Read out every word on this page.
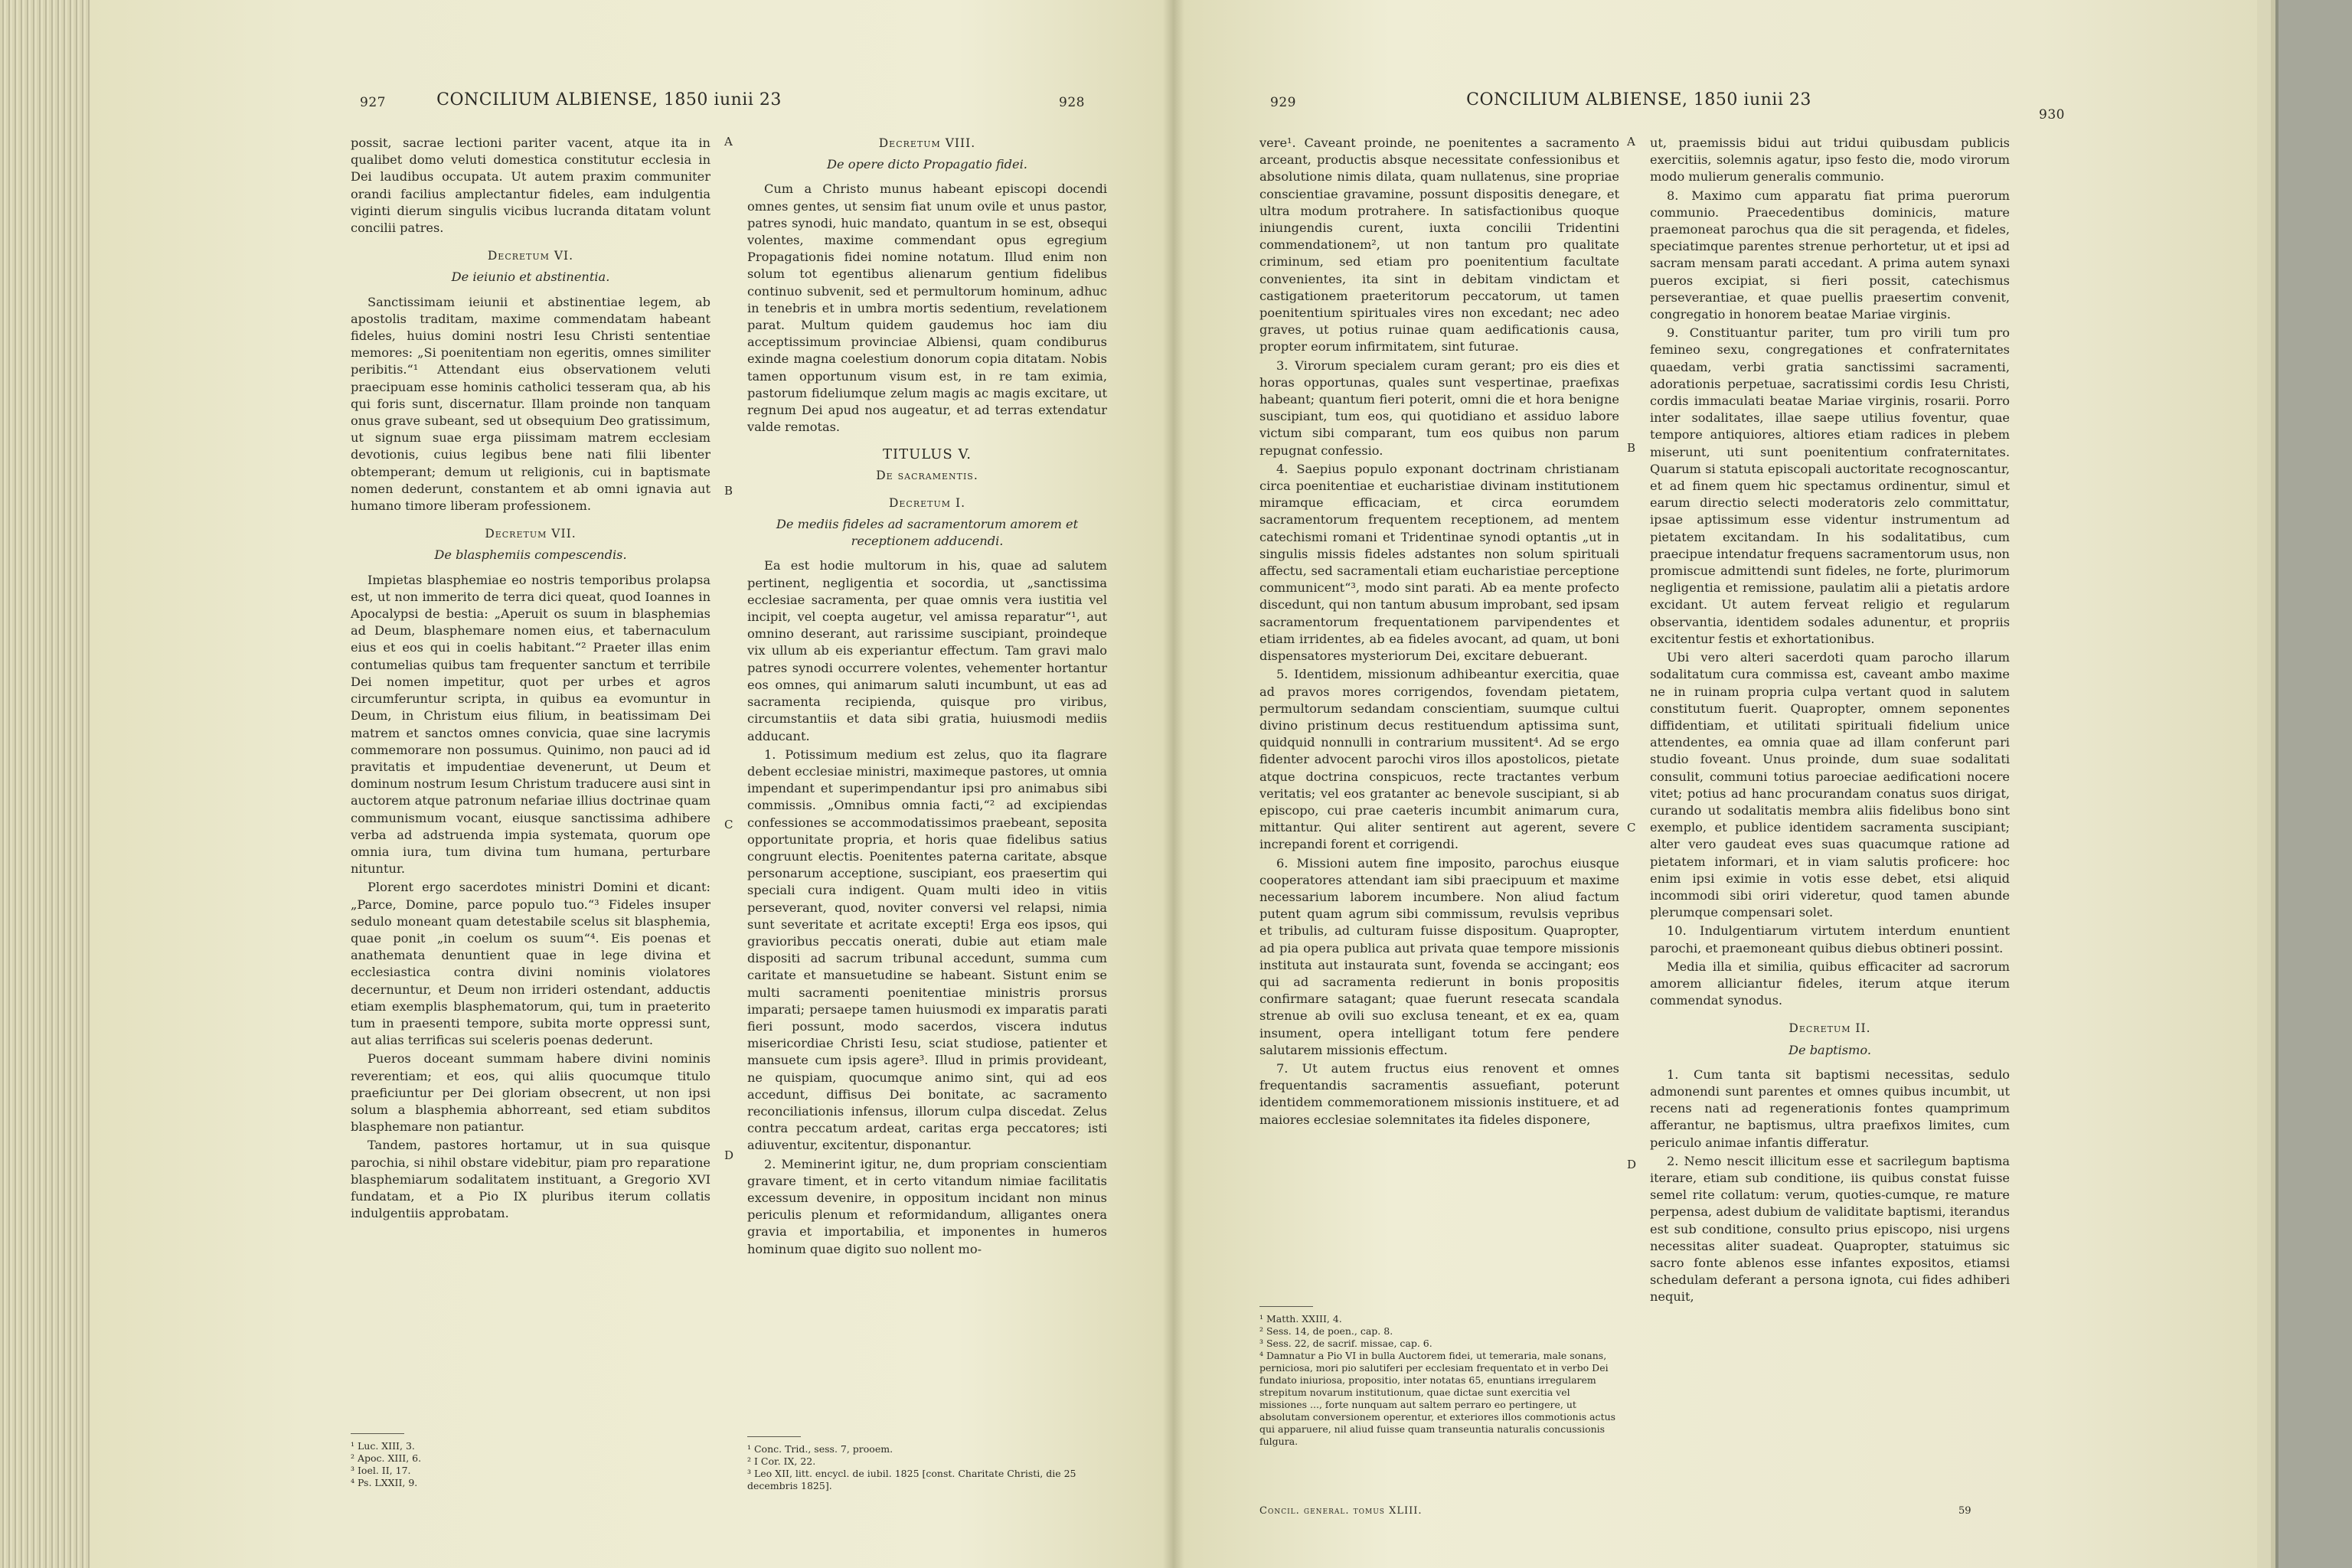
927	CONCILIUM ALBIENSE, 1850 iunii 23	928

possit, sacrae lectioni pariter vacent, atque ita in qualibet domo veluti domestica constitutur ecclesia in Dei laudibus occupata. Ut autem praxim communiter orandi facilius amplectantur fideles, eam indulgentia viginti dierum singulis vicibus lucranda ditatam volunt concilii patres.

Decretum VI.
De ieiunio et abstinentia.

Sanctissimam ieiunii et abstinentiae legem, ab apostolis traditam, maxime commendatam habeant fideles, huius domini nostri Iesu Christi sententiae memores: „Si poenitentiam non egeritis, omnes similiter peribitis.“¹ Attendant eius observationem veluti praecipuam esse hominis catholici tesseram qua, ab his qui foris sunt, discernatur. Illam proinde non tanquam onus grave subeant, sed ut obsequium Deo gratissimum, ut signum suae erga piissimam matrem ecclesiam devotionis, cuius legibus bene nati filii libenter obtemperant; demum ut religionis, cui in baptismate nomen dederunt, constantem et ab omni ignavia aut humano timore liberam professionem.

Decretum VII.
De blasphemiis compescendis.

Impietas blasphemiae eo nostris temporibus prolapsa est, ut non immerito de terra dici queat, quod Ioannes in Apocalypsi de bestia: „Aperuit os suum in blasphemias ad Deum, blasphemare nomen eius, et tabernaculum eius et eos qui in coelis habitant.“² Praeter illas enim contumelias quibus tam frequenter sanctum et terribile Dei nomen impetitur, quot per urbes et agros circumferuntur scripta, in quibus ea evomuntur in Deum, in Christum eius filium, in beatissimam Dei matrem et sanctos omnes convicia, quae sine lacrymis commemorare non possumus. Quinimo, non pauci ad id pravitatis et impudentiae devenerunt, ut Deum et dominum nostrum Iesum Christum traducere ausi sint in auctorem atque patronum nefariae illius doctrinae quam communismum vocant, eiusque sanctissima adhibere verba ad adstruenda impia systemata, quorum ope omnia iura, tum divina tum humana, perturbare nituntur.

Plorent ergo sacerdotes ministri Domini et dicant: „Parce, Domine, parce populo tuo.“³ Fideles insuper sedulo moneant quam detestabile scelus sit blasphemia, quae ponit „in coelum os suum“⁴. Eis poenas et anathemata denuntient quae in lege divina et ecclesiastica contra divini nominis violatores decernuntur, et Deum non irrideri ostendant, adductis etiam exemplis blasphematorum, qui, tum in praeterito tum in praesenti tempore, subita morte oppressi sunt, aut alias terrificas sui sceleris poenas dederunt.

Pueros doceant summam habere divini nominis reverentiam; et eos, qui aliis quocumque titulo praeficiuntur per Dei gloriam obsecrent, ut non ipsi solum a blasphemia abhorreant, sed etiam subditos blasphemare non patiantur.

Tandem, pastores hortamur, ut in sua quisque parochia, si nihil obstare videbitur, piam pro reparatione blasphemiarum sodalitatem instituant, a Gregorio XVI fundatam, et a Pio IX pluribus iterum collatis indulgentiis approbatam.

¹ Luc. XIII, 3.
² Apoc. XIII, 6.
³ Ioel. II, 17.
⁴ Ps. LXXII, 9.
A
B
C
D
Decretum VIII.
De opere dicto Propagatio fidei.

Cum a Christo munus habeant episcopi docendi omnes gentes, ut sensim fiat unum ovile et unus pastor, patres synodi, huic mandato, quantum in se est, obsequi volentes, maxime commendant opus egregium Propagationis fidei nomine notatum. Illud enim non solum tot egentibus alienarum gentium fidelibus continuo subvenit, sed et permultorum hominum, adhuc in tenebris et in umbra mortis sedentium, revelationem parat. Multum quidem gaudemus hoc iam diu acceptissimum provinciae Albiensi, quam condiburus exinde magna coelestium donorum copia ditatam. Nobis tamen opportunum visum est, in re tam eximia, pastorum fideliumque zelum magis ac magis excitare, ut regnum Dei apud nos augeatur, et ad terras extendatur valde remotas.

TITULUS V.
De sacramentis.
Decretum I.
De mediis fideles ad sacramentorum amorem et receptionem adducendi.

Ea est hodie multorum in his, quae ad salutem pertinent, negligentia et socordia, ut „sanctissima ecclesiae sacramenta, per quae omnis vera iustitia vel incipit, vel coepta augetur, vel amissa reparatur“¹, aut omnino deserant, aut rarissime suscipiant, proindeque vix ullum ab eis experiantur effectum. Tam gravi malo patres synodi occurrere volentes, vehementer hortantur eos omnes, qui animarum saluti incumbunt, ut eas ad sacramenta recipienda, quisque pro viribus, circumstantiis et data sibi gratia, huiusmodi mediis adducant.

1. Potissimum medium est zelus, quo ita flagrare debent ecclesiae ministri, maximeque pastores, ut omnia impendant et superimpendantur ipsi pro animabus sibi commissis. „Omnibus omnia facti,“² ad excipiendas confessiones se accommodatissimos praebeant, seposita opportunitate propria, et horis quae fidelibus satius congruunt electis. Poenitentes paterna caritate, absque personarum acceptione, suscipiant, eos praesertim qui speciali cura indigent. Quam multi ideo in vitiis perseverant, quod, noviter conversi vel relapsi, nimia sunt severitate et acritate excepti! Erga eos ipsos, qui gravioribus peccatis onerati, dubie aut etiam male dispositi ad sacrum tribunal accedunt, summa cum caritate et mansuetudine se habeant. Sistunt enim se multi sacramenti poenitentiae ministris prorsus imparati; persaepe tamen huiusmodi ex imparatis parati fieri possunt, modo sacerdos, viscera indutus misericordiae Christi Iesu, sciat studiose, patienter et mansuete cum ipsis agere³. Illud in primis provideant, ne quispiam, quocumque animo sint, qui ad eos accedunt, diffisus Dei bonitate, ac sacramento reconciliationis infensus, illorum culpa discedat. Zelus contra peccatum ardeat, caritas erga peccatores; isti adiuventur, excitentur, disponantur.

2. Meminerint igitur, ne, dum propriam conscientiam gravare timent, et in certo vitandum nimiae facilitatis excessum devenire, in oppositum incidant non minus periculis plenum et reformidandum, alligantes onera gravia et importabilia, et imponentes in humeros hominum quae digito suo nollent mo-

¹ Conc. Trid., sess. 7, prooem.
² I Cor. IX, 22.
³ Leo XII, litt. encycl. de iubil. 1825 [const. Charitate Christi, die 25 decembris 1825].
929	CONCILIUM ALBIENSE, 1850 iunii 23
930

vere¹. Caveant proinde, ne poenitentes a sacramento arceant, productis absque necessitate confessionibus et absolutione nimis dilata, quam nullatenus, sine propriae conscientiae gravamine, possunt dispositis denegare, et ultra modum protrahere. In satisfactionibus quoque iniungendis curent, iuxta concilii Tridentini commendationem², ut non tantum pro qualitate criminum, sed etiam pro poenitentium facultate convenientes, ita sint in debitam vindictam et castigationem praeteritorum peccatorum, ut tamen poenitentium spirituales vires non excedant; nec adeo graves, ut potius ruinae quam aedificationis causa, propter eorum infirmitatem, sint futurae.

3. Virorum specialem curam gerant; pro eis dies et horas opportunas, quales sunt vespertinae, praefixas habeant; quantum fieri poterit, omni die et hora benigne suscipiant, tum eos, qui quotidiano et assiduo labore victum sibi comparant, tum eos quibus non parum repugnat confessio.

4. Saepius populo exponant doctrinam christianam circa poenitentiae et eucharistiae divinam institutionem miramque efficaciam, et circa eorumdem sacramentorum frequentem receptionem, ad mentem catechismi romani et Tridentinae synodi optantis „ut in singulis missis fideles adstantes non solum spirituali affectu, sed sacramentali etiam eucharistiae perceptione communicent“³, modo sint parati. Ab ea mente profecto discedunt, qui non tantum abusum improbant, sed ipsam sacramentorum frequentationem parvipendentes et etiam irridentes, ab ea fideles avocant, ad quam, ut boni dispensatores mysteriorum Dei, excitare debuerant.

5. Identidem, missionum adhibeantur exercitia, quae ad pravos mores corrigendos, fovendam pietatem, permultorum sedandam conscientiam, suumque cultui divino pristinum decus restituendum aptissima sunt, quidquid nonnulli in contrarium mussitent⁴. Ad se ergo fidenter advocent parochi viros illos apostolicos, pietate atque doctrina conspicuos, recte tractantes verbum veritatis; vel eos gratanter ac benevole suscipiant, si ab episcopo, cui prae caeteris incumbit animarum cura, mittantur. Qui aliter sentirent aut agerent, severe increpandi forent et corrigendi.

6. Missioni autem fine imposito, parochus eiusque cooperatores attendant iam sibi praecipuum et maxime necessarium laborem incumbere. Non aliud factum putent quam agrum sibi commissum, revulsis vepribus et tribulis, ad culturam fuisse dispositum. Quapropter, ad pia opera publica aut privata quae tempore missionis instituta aut instaurata sunt, fovenda se accingant; eos qui ad sacramenta redierunt in bonis propositis confirmare satagant; quae fuerunt resecata scandala strenue ab ovili suo exclusa teneant, et ex ea, quam insument, opera intelligant totum fere pendere salutarem missionis effectum.

7. Ut autem fructus eius renovent et omnes frequentandis sacramentis assuefiant, poterunt identidem commemorationem missionis instituere, et ad maiores ecclesiae solemnitates ita fideles disponere,

¹ Matth. XXIII, 4.
² Sess. 14, de poen., cap. 8.
³ Sess. 22, de sacrif. missae, cap. 6.
⁴ Damnatur a Pio VI in bulla Auctorem fidei, ut temeraria, male sonans, perniciosa, mori pio salutiferi per ecclesiam frequentato et in verbo Dei fundato iniuriosa, propositio, inter notatas 65, enuntians irregularem strepitum novarum institutionum, quae dictae sunt exercitia vel missiones ..., forte nunquam aut saltem perraro eo pertingere, ut absolutam conversionem operentur, et exteriores illos commotionis actus qui apparuere, nil aliud fuisse quam transeuntia naturalis concussionis fulgura.
Concil. general. tomus XLIII.
A
B
C
D

ut, praemissis bidui aut tridui quibusdam publicis exercitiis, solemnis agatur, ipso festo die, modo virorum modo mulierum generalis communio.

8. Maximo cum apparatu fiat prima puerorum communio. Praecedentibus dominicis, mature praemoneat parochus qua die sit peragenda, et fideles, speciatimque parentes strenue perhortetur, ut et ipsi ad sacram mensam parati accedant. A prima autem synaxi pueros excipiat, si fieri possit, catechismus perseverantiae, et quae puellis praesertim convenit, congregatio in honorem beatae Mariae virginis.

9. Constituantur pariter, tum pro virili tum pro femineo sexu, congregationes et confraternitates quaedam, verbi gratia sanctissimi sacramenti, adorationis perpetuae, sacratissimi cordis Iesu Christi, cordis immaculati beatae Mariae virginis, rosarii. Porro inter sodalitates, illae saepe utilius foventur, quae tempore antiquiores, altiores etiam radices in plebem miserunt, uti sunt poenitentium confraternitates. Quarum si statuta episcopali auctoritate recognoscantur, et ad finem quem hic spectamus ordinentur, simul et earum directio selecti moderatoris zelo committatur, ipsae aptissimum esse videntur instrumentum ad pietatem excitandam. In his sodalitatibus, cum praecipue intendatur frequens sacramentorum usus, non promiscue admittendi sunt fideles, ne forte, plurimorum negligentia et remissione, paulatim alii a pietatis ardore excidant. Ut autem ferveat religio et regularum observantia, identidem sodales adunentur, et propriis excitentur festis et exhortationibus.

Ubi vero alteri sacerdoti quam parocho illarum sodalitatum cura commissa est, caveant ambo maxime ne in ruinam propria culpa vertant quod in salutem constitutum fuerit. Quapropter, omnem seponentes diffidentiam, et utilitati spirituali fidelium unice attendentes, ea omnia quae ad illam conferunt pari studio foveant. Unus proinde, dum suae sodalitati consulit, communi totius paroeciae aedificationi nocere vitet; potius ad hanc procurandam conatus suos dirigat, curando ut sodalitatis membra aliis fidelibus bono sint exemplo, et publice identidem sacramenta suscipiant; alter vero gaudeat eves suas quacumque ratione ad pietatem informari, et in viam salutis proficere: hoc enim ipsi eximie in votis esse debet, etsi aliquid incommodi sibi oriri videretur, quod tamen abunde plerumque compensari solet.

10. Indulgentiarum virtutem interdum enuntient parochi, et praemoneant quibus diebus obtineri possint.

Media illa et similia, quibus efficaciter ad sacrorum amorem alliciantur fideles, iterum atque iterum commendat synodus.

Decretum II.
De baptismo.

1. Cum tanta sit baptismi necessitas, sedulo admonendi sunt parentes et omnes quibus incumbit, ut recens nati ad regenerationis fontes quamprimum afferantur, ne baptismus, ultra praefixos limites, cum periculo animae infantis differatur.

2. Nemo nescit illicitum esse et sacrilegum baptisma iterare, etiam sub conditione, iis quibus constat fuisse semel rite collatum: verum, quoties-cumque, re mature perpensa, adest dubium de validitate baptismi, iterandus est sub conditione, consulto prius episcopo, nisi urgens necessitas aliter suadeat. Quapropter, statuimus sic sacro fonte ablenos esse infantes expositos, etiamsi schedulam deferant a persona ignota, cui fides adhiberi nequit,

59
